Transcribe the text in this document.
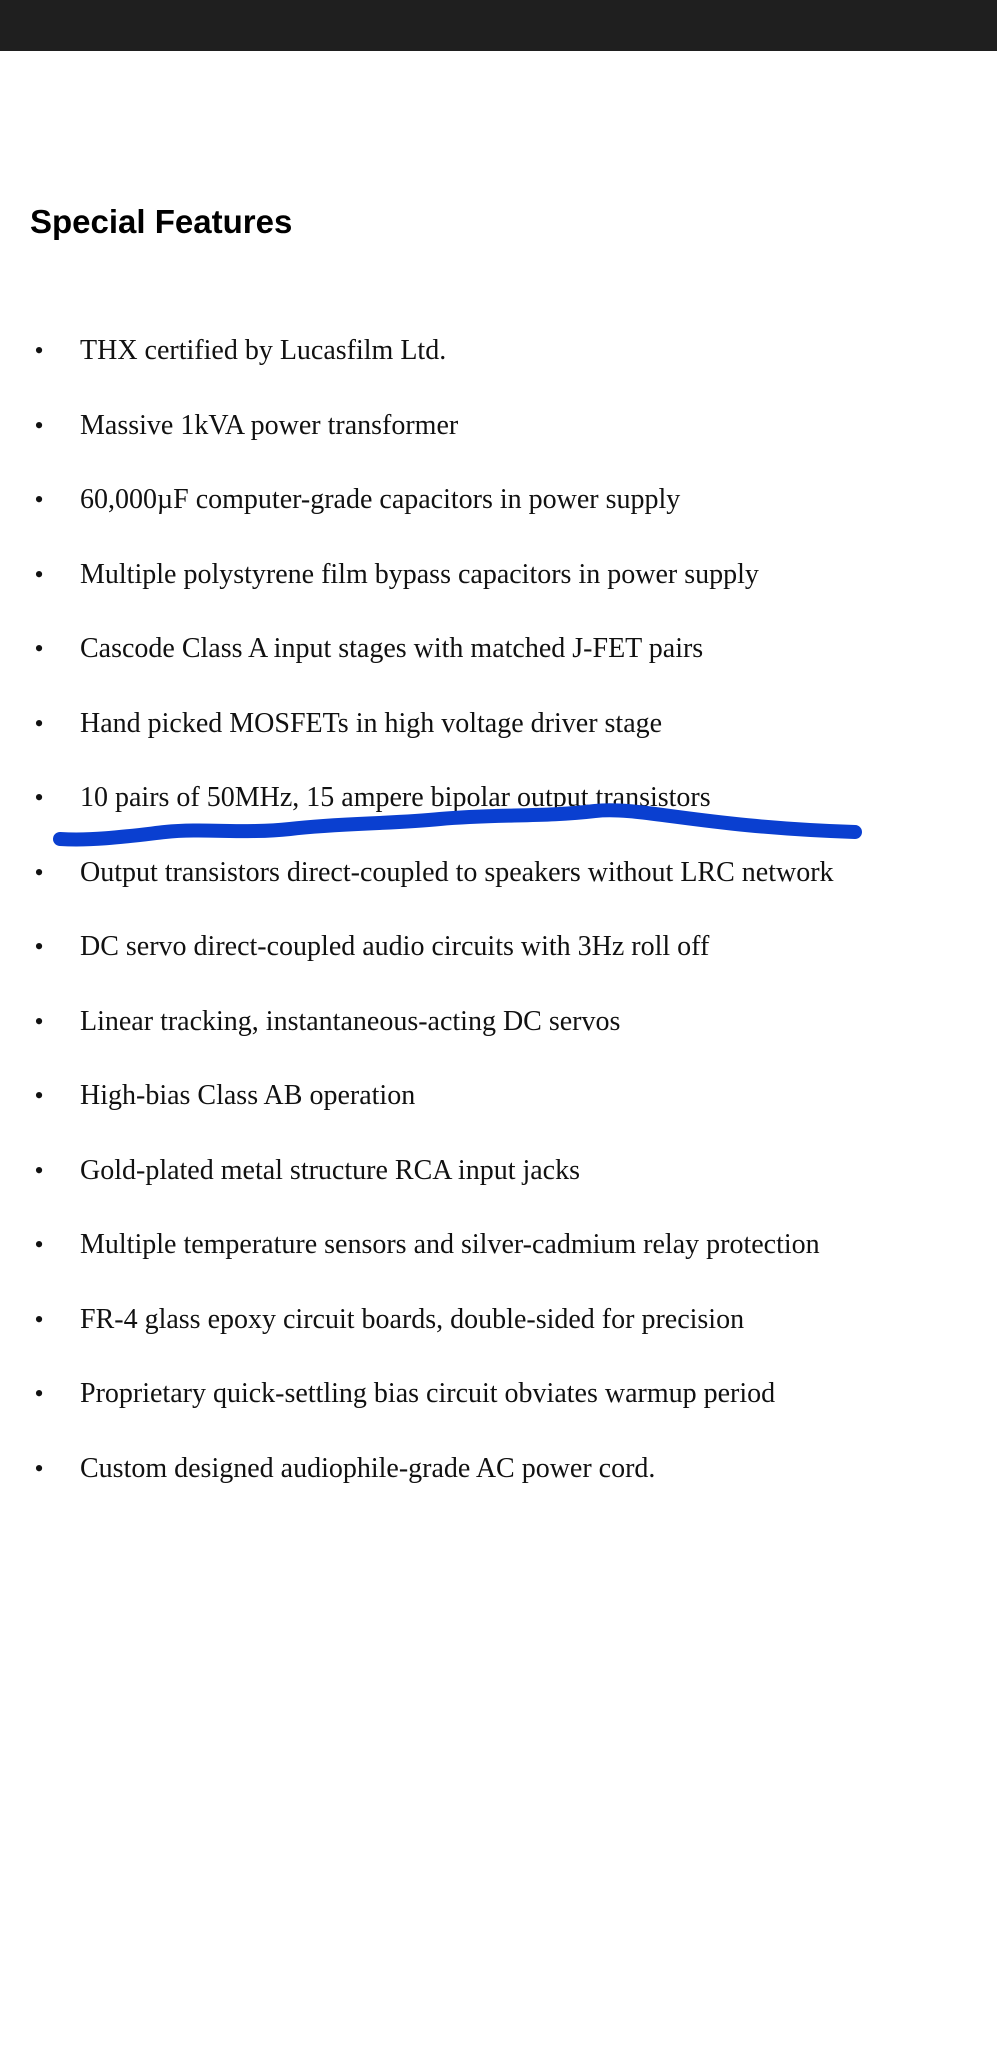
Special Features
• THX certified by Lucasfilm Ltd.
• Massive 1kVA power transformer
• 60,000µF computer-grade capacitors in power supply
• Multiple polystyrene film bypass capacitors in power supply
• Cascode Class A input stages with matched J-FET pairs
• Hand picked MOSFETs in high voltage driver stage
• 10 pairs of 50MHz, 15 ampere bipolar output transistors
• Output transistors direct-coupled to speakers without LRC network
• DC servo direct-coupled audio circuits with 3Hz roll off
• Linear tracking, instantaneous-acting DC servos
• High-bias Class AB operation
• Gold-plated metal structure RCA input jacks
• Multiple temperature sensors and silver-cadmium relay protection
• FR-4 glass epoxy circuit boards, double-sided for precision
• Proprietary quick-settling bias circuit obviates warmup period
• Custom designed audiophile-grade AC power cord.
